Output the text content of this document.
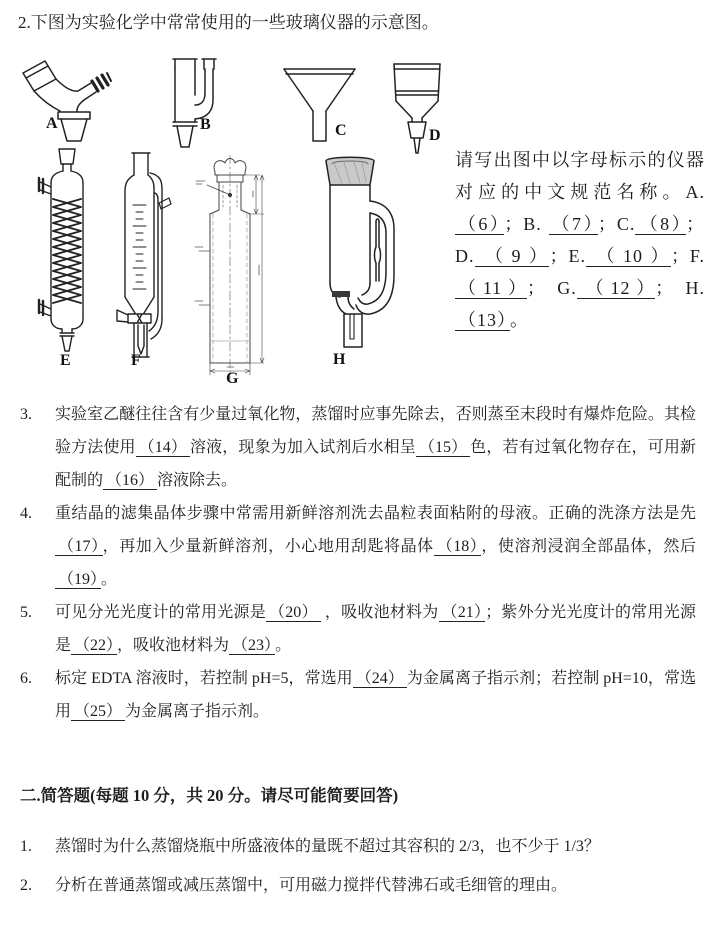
2.下图为实验化学中常常使用的一些玻璃仪器的示意图。
A	B	C	D
E	F
G
H
请写出图中以字母标示的仪器对应的中文规范名称。A.（6） ；B. （7） ；C. （8） ；D. （9） ；E. （10） ；F. （11） ； G. （12） ； H.（13） 。
3.	实验室乙醚往往含有少量过氧化物，蒸馏时应事先除去，否则蒸至末段时有爆炸危险。其检验方法使用 （14） 溶液，现象为加入试剂后水相呈 （15） 色，若有过氧化物存在，可用新配制的 （16） 溶液除去。
4.	重结晶的滤集晶体步骤中常需用新鲜溶剂洗去晶粒表面粘附的母液。正确的洗涤方法是先（17） ，再加入少量新鲜溶剂，小心地用刮匙将晶体 （18） ，使溶剂浸润全部晶体，然后（19） 。
5.	可见分光光度计的常用光源是 （20） ，吸收池材料为 （21） ；紫外分光光度计的常用光源是 （22） ，吸收池材料为 （23） 。
6.	标定 EDTA 溶液时，若控制 pH=5，常选用 （24） 为金属离子指示剂；若控制 pH=10，常选用 （25） 为金属离子指示剂。
二.简答题(每题 10 分，共 20 分。请尽可能简要回答)
1.	蒸馏时为什么蒸馏烧瓶中所盛液体的量既不超过其容积的 2/3，也不少于 1/3？
2.	分析在普通蒸馏或减压蒸馏中，可用磁力搅拌代替沸石或毛细管的理由。
